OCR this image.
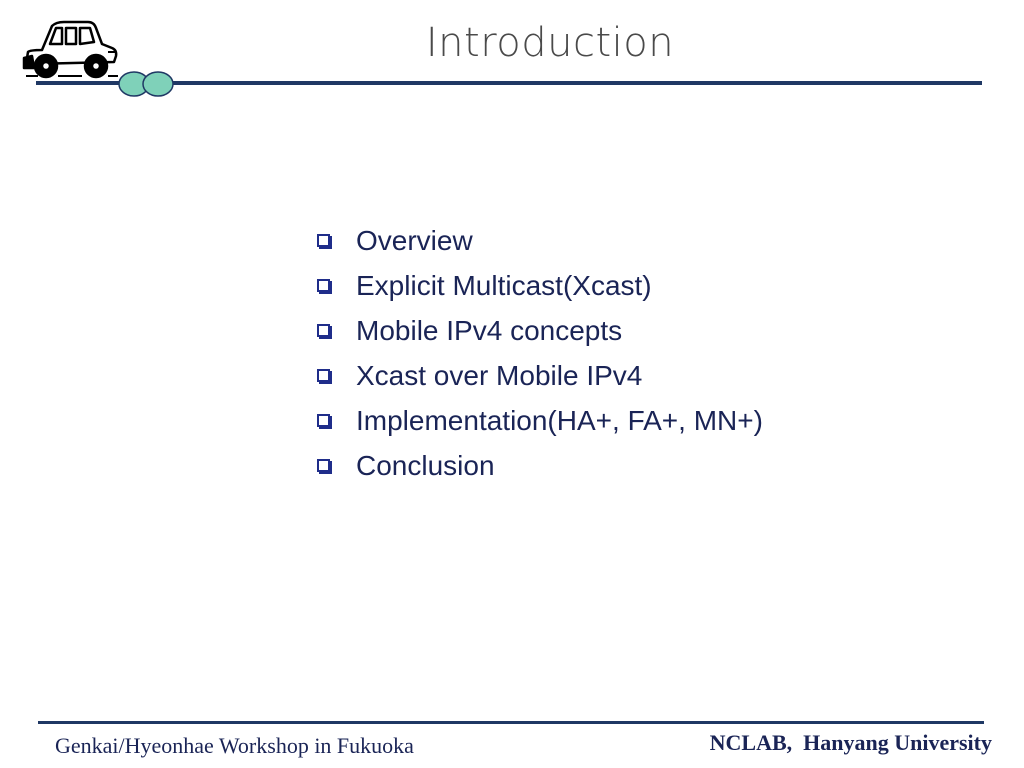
Introduction
Overview
Explicit Multicast(Xcast)
Mobile IPv4 concepts
Xcast over Mobile IPv4
Implementation(HA+, FA+, MN+)
Conclusion
Genkai/Hyeonhae Workshop in Fukuoka	NCLAB,  Hanyang University
